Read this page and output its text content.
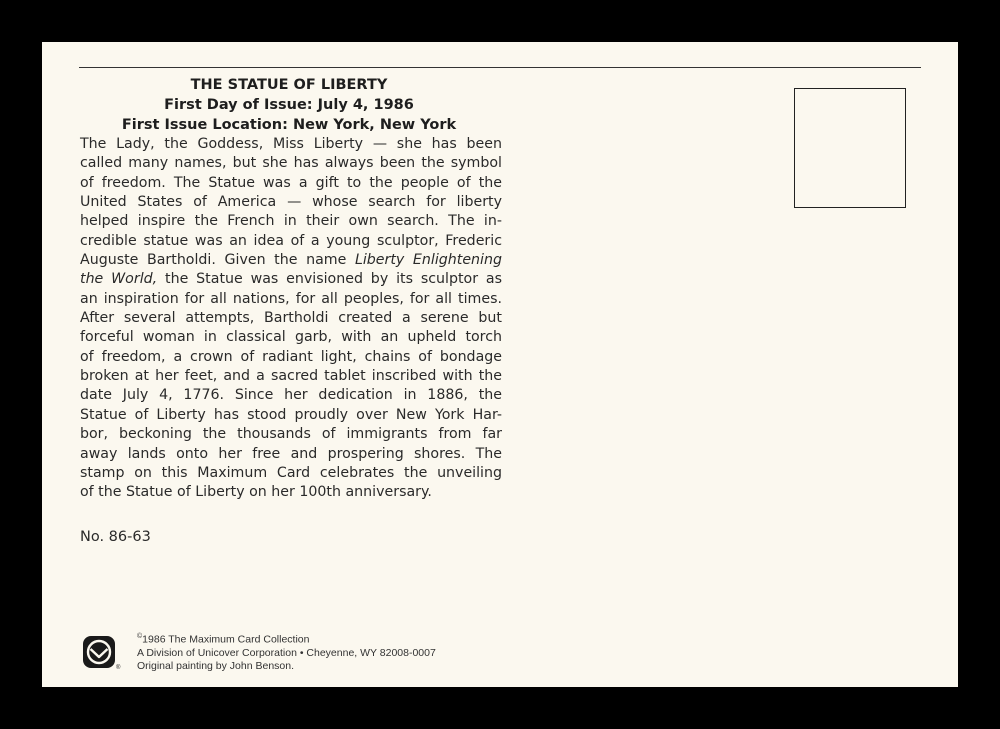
THE STATUE OF LIBERTY
First Day of Issue: July 4, 1986
First Issue Location: New York, New York
The Lady, the Goddess, Miss Liberty — she has been
called many names, but she has always been the symbol
of freedom. The Statue was a gift to the people of the
United States of America — whose search for liberty
helped inspire the French in their own search. The in-
credible statue was an idea of a young sculptor, Frederic
Auguste Bartholdi. Given the name Liberty Enlightening
the World, the Statue was envisioned by its sculptor as
an inspiration for all nations, for all peoples, for all times.
After several attempts, Bartholdi created a serene but
forceful woman in classical garb, with an upheld torch
of freedom, a crown of radiant light, chains of bondage
broken at her feet, and a sacred tablet inscribed with the
date July 4, 1776. Since her dedication in 1886, the
Statue of Liberty has stood proudly over New York Har-
bor, beckoning the thousands of immigrants from far
away lands onto her free and prospering shores. The
stamp on this Maximum Card celebrates the unveiling
of the Statue of Liberty on her 100th anniversary.
No. 86-63
®
©1986 The Maximum Card Collection
A Division of Unicover Corporation • Cheyenne, WY 82008-0007
Original painting by John Benson.
